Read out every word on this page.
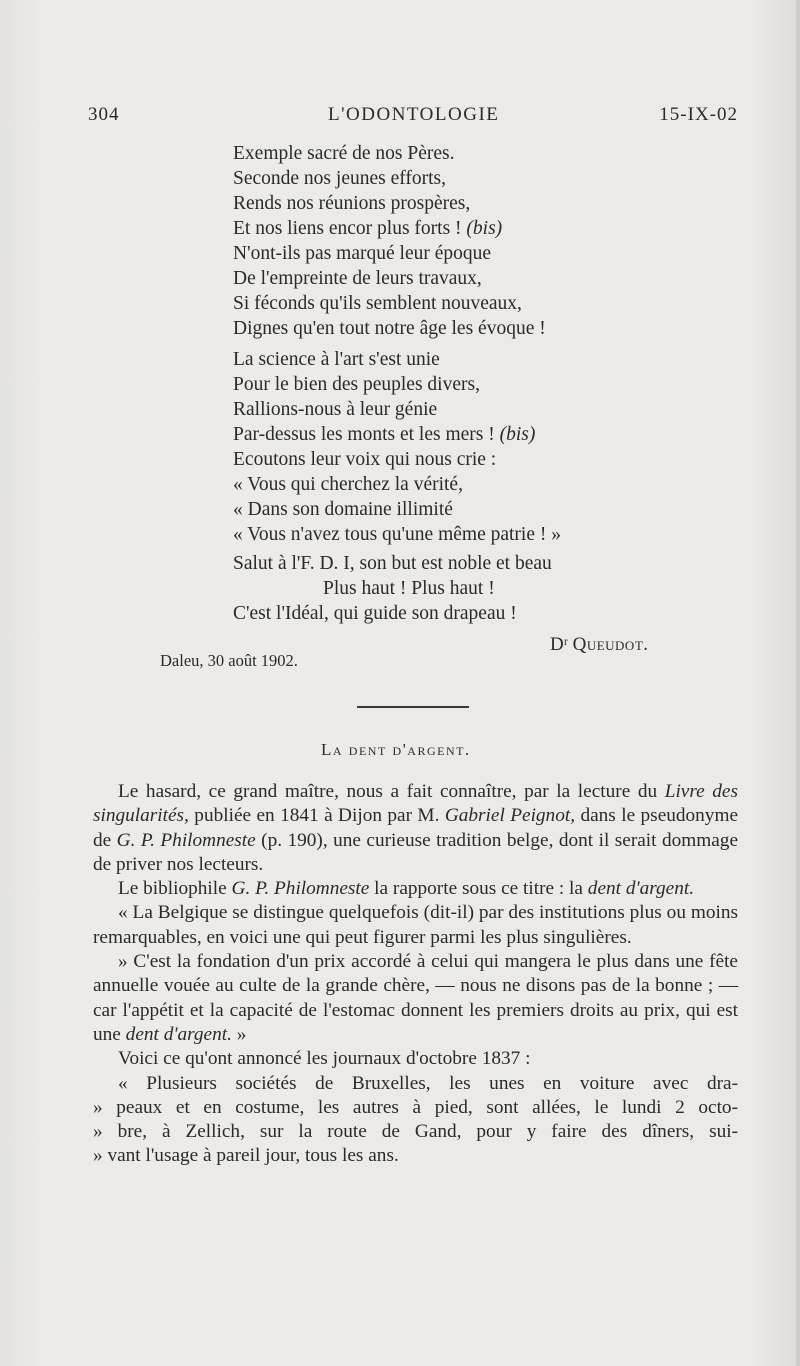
304	L'ODONTOLOGIE	15-IX-02
Exemple sacré de nos Pères.
Seconde nos jeunes efforts,
Rends nos réunions prospères,
Et nos liens encor plus forts ! (bis)
N'ont-ils pas marqué leur époque
De l'empreinte de leurs travaux,
Si féconds qu'ils semblent nouveaux,
Dignes qu'en tout notre âge les évoque !
La science à l'art s'est unie
Pour le bien des peuples divers,
Rallions-nous à leur génie
Par-dessus les monts et les mers ! (bis)
Ecoutons leur voix qui nous crie :
« Vous qui cherchez la vérité,
« Dans son domaine illimité
« Vous n'avez tous qu'une même patrie ! »
Salut à l'F. D. I, son but est noble et beau
Plus haut ! Plus haut !
C'est l'Idéal, qui guide son drapeau !
Dʳ Queudot.
Daleu, 30 août 1902.
La dent d'argent.

Le hasard, ce grand maître, nous a fait connaître, par la lecture du Livre des singularités, publiée en 1841 à Dijon par M. Gabriel Peignot, dans le pseudonyme de G. P. Philomneste (p. 190), une curieuse tradition belge, dont il serait dommage de priver nos lecteurs.

Le bibliophile G. P. Philomneste la rapporte sous ce titre : la dent d'argent.

« La Belgique se distingue quelquefois (dit-il) par des institutions plus ou moins remarquables, en voici une qui peut figurer parmi les plus singulières.

» C'est la fondation d'un prix accordé à celui qui mangera le plus dans une fête annuelle vouée au culte de la grande chère, — nous ne disons pas de la bonne ; — car l'appétit et la capacité de l'estomac donnent les premiers droits au prix, qui est une dent d'argent. »

Voici ce qu'ont annoncé les journaux d'octobre 1837 :

« Plusieurs sociétés de Bruxelles, les unes en voiture avec dra-

» peaux et en costume, les autres à pied, sont allées, le lundi 2 octo-

» bre, à Zellich, sur la route de Gand, pour y faire des dîners, sui-

» vant l'usage à pareil jour, tous les ans.
